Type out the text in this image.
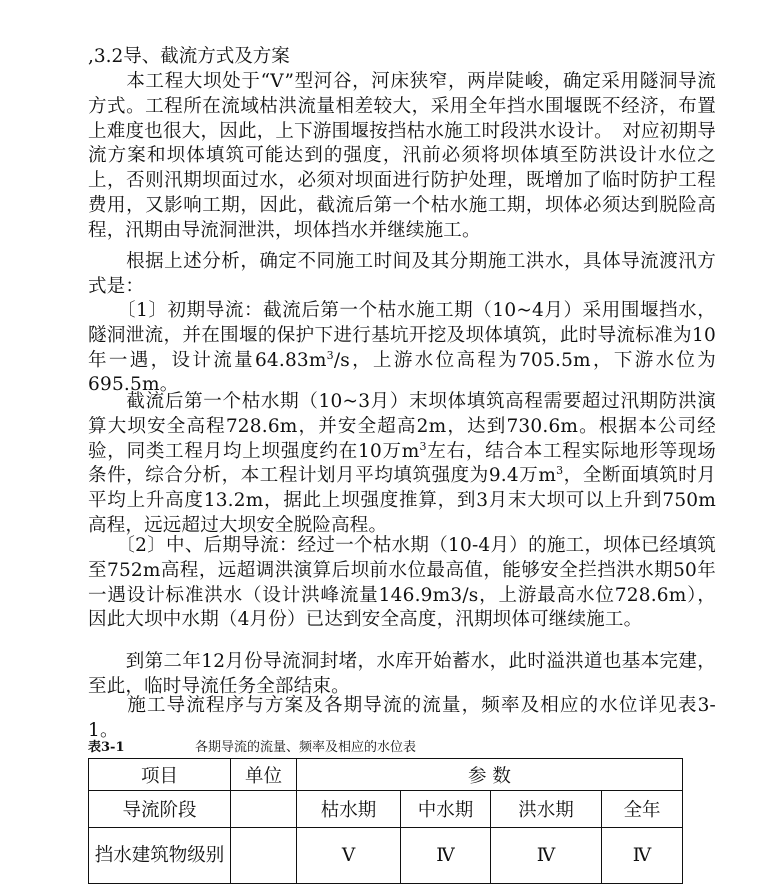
,3.2导、截流方式及方案

　　本工程大坝处于“V”型河谷，河床狭窄，两岸陡峻，确定采用隧洞导流方式。工程所在流域枯洪流量相差较大，采用全年挡水围堰既不经济，布置上难度也很大，因此，上下游围堰按挡枯水施工时段洪水设计。　对应初期导流方案和坝体填筑可能达到的强度，汛前必须将坝体填至防洪设计水位之上，否则汛期坝面过水，必须对坝面进行防护处理，既增加了临时防护工程费用，又影响工期，因此，截流后第一个枯水施工期，坝体必须达到脱险高程，汛期由导流洞泄洪，坝体挡水并继续施工。

　　根据上述分析，确定不同施工时间及其分期施工洪水，具体导流渡汛方式是：

　　〔1〕初期导流：截流后第一个枯水施工期（10~4月）采用围堰挡水，隧洞泄流，并在围堰的保护下进行基坑开挖及坝体填筑，此时导流标准为10年一遇，设计流量$64.83m^3/s$，上游水位高程为705.5m，下游水位为695.5m。

　　截流后第一个枯水期（10~3月）末坝体填筑高程需要超过汛期防洪演算大坝安全高程728.6m，并安全超高2m，达到730.6m。根据本公司经验，同类工程月均上坝强度约在10万$m^3$左右，结合本工程实际地形等现场条件，综合分析，本工程计划月平均填筑强度为9.4万$m^3$，全断面填筑时月平均上升高度13.2m，据此上坝强度推算，到3月末大坝可以上升到750m高程，远远超过大坝安全脱险高程。

　　〔2〕中、后期导流：经过一个枯水期（10-4月）的施工，坝体已经填筑至752m高程，远超调洪演算后坝前水位最高值，能够安全拦挡洪水期50年一遇设计标准洪水（设计洪峰流量146.9m3/s，上游最高水位728.6m），因此大坝中水期（4月份）已达到安全高度，汛期坝体可继续施工。

　　到第二年12月份导流洞封堵，水库开始蓄水，此时溢洪道也基本完建，至此，临时导流任务全部结束。

　　施工导流程序与方案及各期导流的流量，频率及相应的水位详见表3-1。

表3-1	各期导流的流量、频率及相应的水位表
项目	单位	参 数			
导流阶段		枯水期	中水期	洪水期	全年
挡水建筑物级别		Ⅴ	Ⅳ	Ⅳ	Ⅳ
